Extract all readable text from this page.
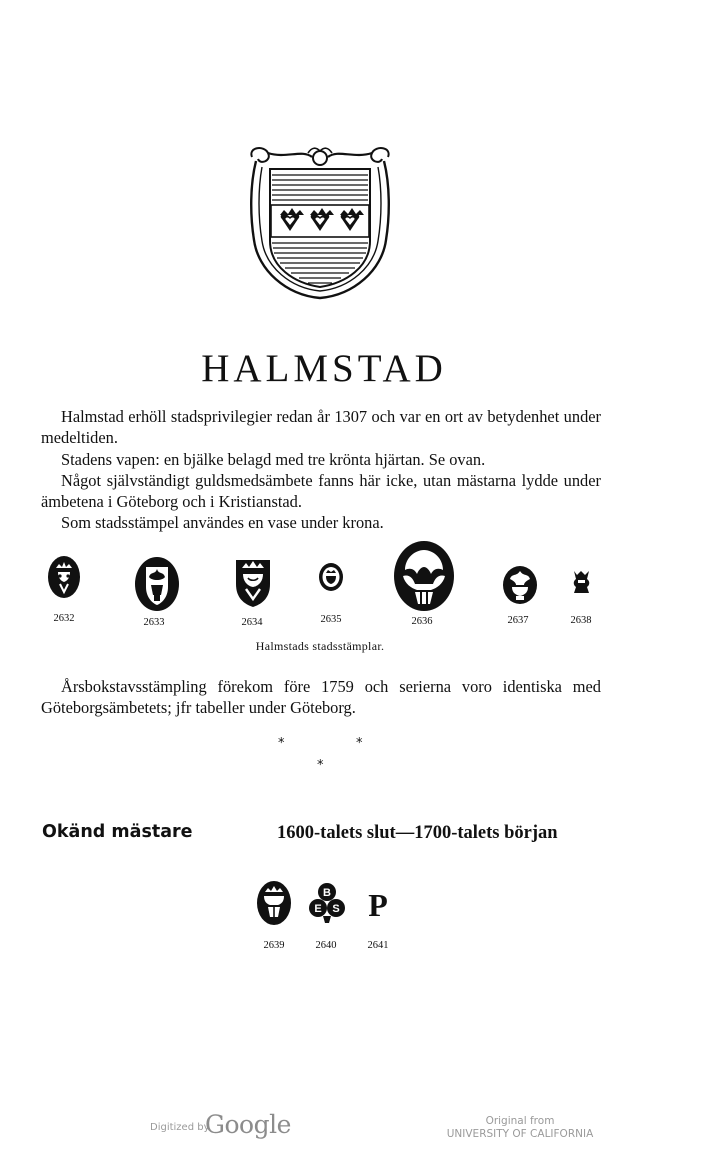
HALMSTAD

Halmstad erhöll stadsprivilegier redan år 1307 och var en ort av betydenhet under medeltiden.

Stadens vapen: en bjälke belagd med tre krönta hjärtan. Se ovan.

Något självständigt guldsmedsämbete fanns här icke, utan mästarna lydde under ämbetena i Göteborg och i Kristianstad.

Som stadsstämpel användes en vase under krona.

2632	2633	2634	2635	2636	2637	2638
Halmstads stadsstämplar.

Årsbokstavsstämpling förekom före 1759 och serierna voro identiska med Göteborgsämbetets; jfr tabeller under Göteborg.

*	*
*
Okänd mästare	1600-talets slut—1700-talets början
2639
B
E S
2640
P
2641
Digitized by
Google	Original from
UNIVERSITY OF CALIFORNIA
